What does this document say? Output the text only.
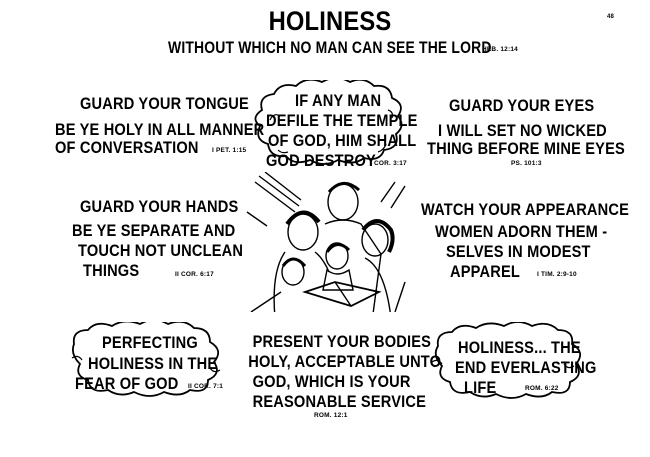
48
HOLINESS
WITHOUT WHICH NO MAN CAN SEE THE LORD
HEB. 12:14
GUARD YOUR TONGUE
BE YE HOLY IN ALL MANNER
OF CONVERSATION I PET. 1:15
GUARD YOUR EYES
I WILL SET NO WICKED
THING BEFORE MINE EYES
PS. 101:3
IF ANY MAN
DEFILE THE TEMPLE
OF GOD, HIM SHALL
GOD DESTROY
I COR. 3:17
GUARD YOUR HANDS
BE YE SEPARATE AND
TOUCH NOT UNCLEAN
THINGS	II COR. 6:17
WATCH YOUR APPEARANCE
WOMEN ADORN THEM -
SELVES IN MODEST
APPAREL	I TIM. 2:9-10
PERFECTING
HOLINESS IN THE
FEAR OF GOD II COR. 7:1
PRESENT YOUR BODIES
HOLY, ACCEPTABLE UNTO
GOD, WHICH IS YOUR
REASONABLE SERVICE
ROM. 12:1
HOLINESS... THE
END EVERLASTING
LIFE	ROM. 6:22
